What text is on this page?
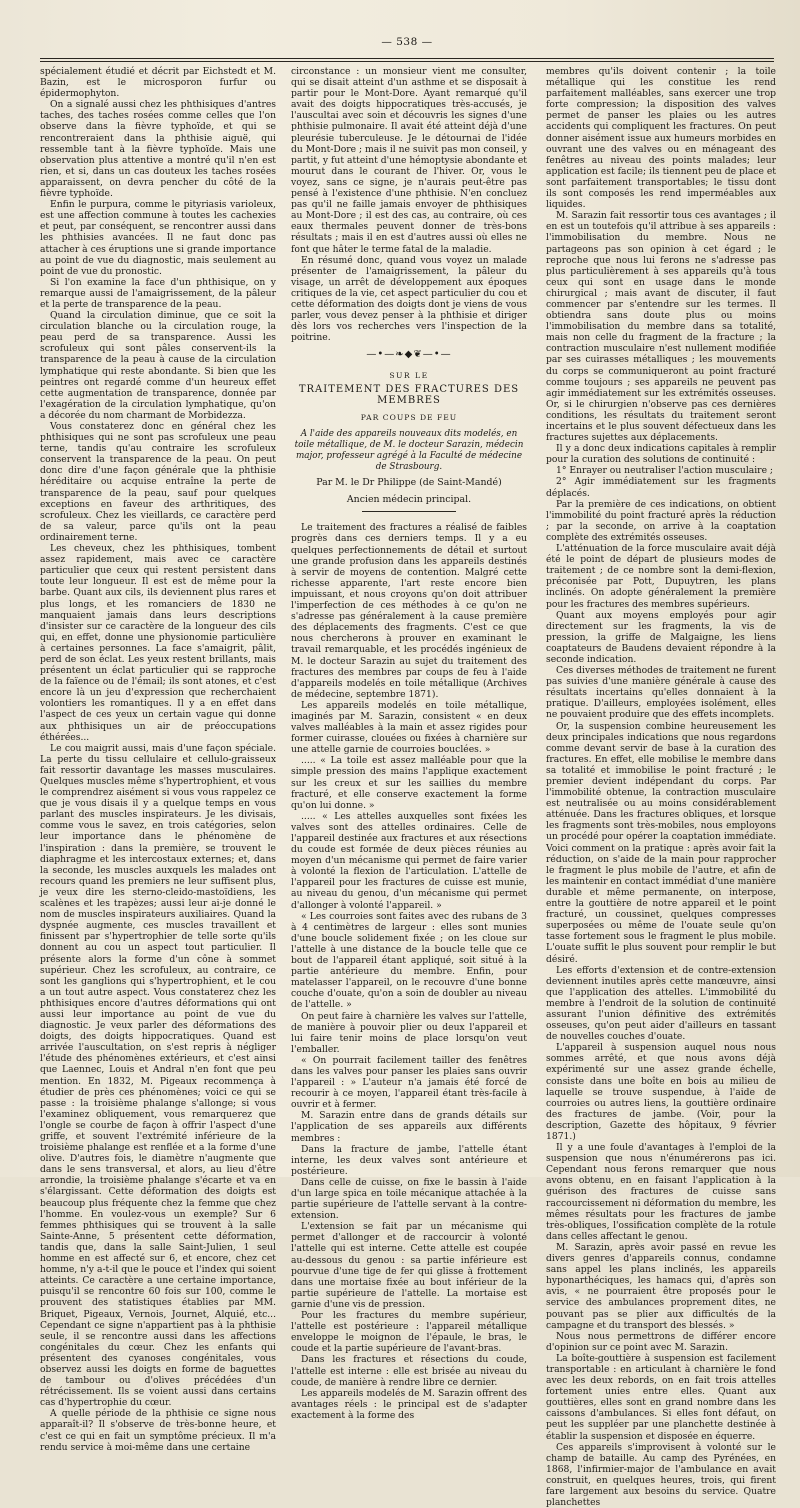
— 538 —

spécialement étudié et décrit par Eichstedt et M. Bazin, est le microsporon furfur ou épidermophyton.

On a signalé aussi chez les phthisiques d'antres taches, des taches rosées comme celles que l'on observe dans la fièvre typhoïde, et qui se rencontreraient dans la phthisie aiguë, qui ressemble tant à la fièvre typhoïde. Mais une observation plus attentive a montré qu'il n'en est rien, et si, dans un cas douteux les taches rosées apparaissent, on devra pencher du côté de la fièvre typhoïde.

Enfin le purpura, comme le pityriasis varioleux, est une affection commune à toutes les cachexies et peut, par conséquent, se rencontrer aussi dans les phthisies avancées. Il ne faut donc pas attacher à ces éruptions une si grande importance au point de vue du diagnostic, mais seulement au point de vue du pronostic.

Si l'on examine la face d'un phthisique, on y remarque aussi de l'amaigrissement, de la pâleur et la perte de transparence de la peau.

Quand la circulation diminue, que ce soit la circulation blanche ou la circulation rouge, la peau perd de sa transparence. Aussi les scrofuleux qui sont pâles conservent-ils la transparence de la peau à cause de la circulation lymphatique qui reste abondante. Si bien que les peintres ont regardé comme d'un heureux effet cette augmentation de transparence, donnée par l'exagération de la circulation lymphatique, qu'on a décorée du nom charmant de Morbidezza.

Vous constaterez donc en général chez les phthisiques qui ne sont pas scrofuleux une peau terne, tandis qu'au contraire les scrofuleux conservent la transparence de la peau. On peut donc dire d'une façon générale que la phthisie héréditaire ou acquise entraîne la perte de transparence de la peau, sauf pour quelques exceptions en faveur des arthritiques, des scrofuleux. Chez les vieillards, ce caractère perd de sa valeur, parce qu'ils ont la peau ordinairement terne.

Les cheveux, chez les phthisiques, tombent assez rapidement, mais avec ce caractère particulier que ceux qui restent persistent dans toute leur longueur. Il est est de même pour la barbe. Quant aux cils, ils deviennent plus rares et plus longs, et les romanciers de 1830 ne manquaient jamais dans leurs descriptions d'insister sur ce caractère de la longueur des cils qui, en effet, donne une physionomie particulière à certaines personnes. La face s'amaigrit, pâlit, perd de son éclat. Les yeux restent brillants, mais présentent un éclat particulier qui se rapproche de la faïence ou de l'émail; ils sont atones, et c'est encore là un jeu d'expression que recherchaient volontiers les romantiques. Il y a en effet dans l'aspect de ces yeux un certain vague qui donne aux phthisiques un air de préoccupations éthérées...

Le cou maigrit aussi, mais d'une façon spéciale. La perte du tissu cellulaire et cellulo-graisseux fait ressortir davantage les masses musculaires. Quelques muscles même s'hypertrophient, et vous le comprendrez aisément si vous vous rappelez ce que je vous disais il y a quelque temps en vous parlant des muscles inspirateurs. Je les divisais, comme vous le savez, en trois catégories, selon leur importance dans le phénomène de l'inspiration : dans la première, se trouvent le diaphragme et les intercostaux externes; et, dans la seconde, les muscles auxquels les malades ont recours quand les premiers ne leur suffisent plus, je veux dire les sterno-cleido-mastoïdiens, les scalènes et les trapèzes; aussi leur ai-je donné le nom de muscles inspirateurs auxiliaires. Quand la dyspnée augmente, ces muscles travaillent et finissent par s'hypertrophier de telle sorte qu'ils donnent au cou un aspect tout particulier. Il présente alors la forme d'un cône à sommet supérieur. Chez les scrofuleux, au contraire, ce sont les ganglions qui s'hypertrophient, et le cou a un tout autre aspect. Vous constaterez chez les phthisiques encore d'autres déformations qui ont aussi leur importance au point de vue du diagnostic. Je veux parler des déformations des doigts, des doigts hippocratiques. Quand est arrivée l'auscultation, on s'est repris à négliger l'étude des phénomènes extérieurs, et c'est ainsi que Laennec, Louis et Andral n'en font que peu mention. En 1832, M. Pigeaux recommença à étudier de près ces phénomènes; voici ce qui se passe : la troisième phalange s'allonge; si vous l'examinez obliquement, vous remarquerez que l'ongle se courbe de façon à offrir l'aspect d'une griffe, et souvent l'extrémité inférieure de la troisième phalange est renflée et a la forme d'une olive. D'autres fois, le diamètre n'augmente que dans le sens transversal, et alors, au lieu d'être arrondie, la troisième phalange s'écarte et va en s'élargissant. Cette déformation des doigts est beaucoup plus fréquente chez la femme que chez l'homme. En voulez-vous un exemple? Sur 6 femmes phthisiques qui se trouvent à la salle Sainte-Anne, 5 présentent cette déformation, tandis que, dans la salle Saint-Julien, 1 seul homme en est affecté sur 6, et encore, chez cet homme, n'y a-t-il que le pouce et l'index qui soient atteints. Ce caractère a une certaine importance, puisqu'il se rencontre 60 fois sur 100, comme le prouvent des statistiques établies par MM. Briquet, Pigeaux, Vernois, Journet, Alquié, etc... Cependant ce signe n'appartient pas à la phthisie seule, il se rencontre aussi dans les affections congénitales du cœur. Chez les enfants qui présentent des cyanoses congénitales, vous observez aussi les doigts en forme de baguettes de tambour ou d'olives précédées d'un rétrécissement. Ils se voient aussi dans certains cas d'hypertrophie du cœur.

A quelle période de la phthisie ce signe nous apparaît-il? Il s'observe de très-bonne heure, et c'est ce qui en fait un symptôme précieux. Il m'a rendu service à moi-même dans une certaine

circonstance : un monsieur vient me consulter, qui se disait atteint d'un asthme et se disposait à partir pour le Mont-Dore. Ayant remarqué qu'il avait des doigts hippocratiques très-accusés, je l'auscultai avec soin et découvris les signes d'une phthisie pulmonaire. Il avait été atteint déjà d'une pleurésie tuberculeuse. Je le détournai de l'idée du Mont-Dore ; mais il ne suivit pas mon conseil, y partit, y fut atteint d'une hémoptysie abondante et mourut dans le courant de l'hiver. Or, vous le voyez, sans ce signe, je n'aurais peut-être pas pensé à l'existence d'une phthisie. N'en concluez pas qu'il ne faille jamais envoyer de phthisiques au Mont-Dore ; il est des cas, au contraire, où ces eaux thermales peuvent donner de très-bons résultats ; mais il en est d'autres aussi où elles ne font que hâter le terme fatal de la maladie.

En résumé donc, quand vous voyez un malade présenter de l'amaigrissement, la pâleur du visage, un arrêt de développement aux époques critiques de la vie, cet aspect particulier du cou et cette déformation des doigts dont je viens de vous parler, vous devez penser à la phthisie et diriger dès lors vos recherches vers l'inspection de la poitrine.

—•—❧◆❦—•—
SUR LE
TRAITEMENT DES FRACTURES DES MEMBRES
PAR COUPS DE FEU

A l'aide des appareils nouveaux dits modelés, en toile métallique, de M. le docteur Sarazin, médecin major, professeur agrégé à la Faculté de médecine de Strasbourg.

Par M. le Dr Philippe (de Saint-Mandé)
Ancien médecin principal.

Le traitement des fractures a réalisé de faibles progrès dans ces derniers temps. Il y a eu quelques perfectionnements de détail et surtout une grande profusion dans les appareils destinés à servir de moyens de contention. Malgré cette richesse apparente, l'art reste encore bien impuissant, et nous croyons qu'on doit attribuer l'imperfection de ces méthodes à ce qu'on ne s'adresse pas généralement à la cause première des déplacements des fragments. C'est ce que nous chercherons à prouver en examinant le travail remarquable, et les procédés ingénieux de M. le docteur Sarazin au sujet du traitement des fractures des membres par coups de feu à l'aide d'appareils modelés en toile métallique (Archives de médecine, septembre 1871).

Les appareils modelés en toile métallique, imaginés par M. Sarazin, consistent « en deux valves malléables à la main et assez rigides pour former cuirasse, clouées ou fixées à charnière sur une attelle garnie de courroies bouclées. »

..... « La toile est assez malléable pour que la simple pression des mains l'applique exactement sur les creux et sur les saillies du membre fracturé, et elle conserve exactement la forme qu'on lui donne. »

..... « Les attelles auxquelles sont fixées les valves sont des attelles ordinaires. Celle de l'appareil destinée aux fractures et aux résections du coude est formée de deux pièces réunies au moyen d'un mécanisme qui permet de faire varier à volonté la flexion de l'articulation. L'attelle de l'appareil pour les fractures de cuisse est munie, au niveau du genou, d'un mécanisme qui permet d'allonger à volonté l'appareil. »

« Les courroies sont faites avec des rubans de 3 à 4 centimètres de largeur : elles sont munies d'une boucle solidement fixée ; on les cloue sur l'attelle à une distance de la boucle telle que ce bout de l'appareil étant appliqué, soit situé à la partie antérieure du membre. Enfin, pour matelasser l'appareil, on le recouvre d'une bonne couche d'ouate, qu'on a soin de doubler au niveau de l'attelle. »

On peut faire à charnière les valves sur l'attelle, de manière à pouvoir plier ou deux l'appareil et lui faire tenir moins de place lorsqu'on veut l'emballer.

« On pourrait facilement tailler des fenêtres dans les valves pour panser les plaies sans ouvrir l'appareil : » L'auteur n'a jamais été forcé de recourir à ce moyen, l'appareil étant très-facile à ouvrir et à fermer.

M. Sarazin entre dans de grands détails sur l'application de ses appareils aux différents membres :

Dans la fracture de jambe, l'attelle étant interne, les deux valves sont antérieure et postérieure.

Dans celle de cuisse, on fixe le bassin à l'aide d'un large spica en toile mécanique attachée à la partie supérieure de l'attelle servant à la contre-extension.

L'extension se fait par un mécanisme qui permet d'allonger et de raccourcir à volonté l'attelle qui est interne. Cette attelle est coupée au-dessous du genou : sa partie inférieure est pourvue d'une tige de fer qui glisse à frottement dans une mortaise fixée au bout inférieur de la partie supérieure de l'attelle. La mortaise est garnie d'une vis de pression.

Pour les fractures du membre supérieur, l'attelle est postérieure : l'appareil métallique enveloppe le moignon de l'épaule, le bras, le coude et la partie supérieure de l'avant-bras.

Dans les fractures et résections du coude, l'attelle est interne : elle est brisée au niveau du coude, de manière à rendre libre ce dernier.

Les appareils modelés de M. Sarazin offrent des avantages réels : le principal est de s'adapter exactement à la forme des

membres qu'ils doivent contenir ; la toile métallique qui les constitue les rend parfaitement malléables, sans exercer une trop forte compression; la disposition des valves permet de panser les plaies ou les autres accidents qui compliquent les fractures. On peut donner aisément issue aux humeurs morbides en ouvrant une des valves ou en ménageant des fenêtres au niveau des points malades; leur application est facile; ils tiennent peu de place et sont parfaitement transportables; le tissu dont ils sont composés les rend imperméables aux liquides.

M. Sarazin fait ressortir tous ces avantages ; il en est un toutefois qu'il attribue à ses appareils : l'immobilisation du membre. Nous ne partageons pas son opinion à cet égard ; le reproche que nous lui ferons ne s'adresse pas plus particulièrement à ses appareils qu'à tous ceux qui sont en usage dans le monde chirurgical ; mais avant de discuter, il faut commencer par s'entendre sur les termes. Il obtiendra sans doute plus ou moins l'immobilisation du membre dans sa totalité, mais non celle du fragment de la fracture ; la contraction musculaire n'est nullement modifiée par ses cuirasses métalliques ; les mouvements du corps se communiqueront au point fracturé comme toujours ; ses appareils ne peuvent pas agir immédiatement sur les extrémités osseuses. Or, si le chirurgien n'observe pas ces dernières conditions, les résultats du traitement seront incertains et le plus souvent défectueux dans les fractures sujettes aux déplacements.

Il y a donc deux indications capitales à remplir pour la curation des solutions de continuité :

1° Enrayer ou neutraliser l'action musculaire ;

2° Agir immédiatement sur les fragments déplacés.

Par la première de ces indications, on obtient l'immobilité du point fracturé après la réduction ; par la seconde, on arrive à la coaptation complète des extrémités osseuses.

L'atténuation de la force musculaire avait déjà été le point de départ de plusieurs modes de traitement ; de ce nombre sont la demi-flexion, préconisée par Pott, Dupuytren, les plans inclinés. On adopte généralement la première pour les fractures des membres supérieurs.

Quant aux moyens employés pour agir directement sur les fragments, la vis de pression, la griffe de Malgaigne, les liens coaptateurs de Baudens devaient répondre à la seconde indication.

Ces diverses méthodes de traitement ne furent pas suivies d'une manière générale à cause des résultats incertains qu'elles donnaient à la pratique. D'ailleurs, employées isolément, elles ne pouvaient produire que des effets incomplets.

Or, la suspension combine heureusement les deux principales indications que nous regardons comme devant servir de base à la curation des fractures. En effet, elle mobilise le membre dans sa totalité et immobilise le point fracturé ; le premier devient indépendant du corps. Par l'immobilité obtenue, la contraction musculaire est neutralisée ou au moins considérablement atténuée. Dans les fractures obliques, et lorsque les fragments sont très-mobiles, nous employons un procédé pour opérer la coaptation immédiate. Voici comment on la pratique : après avoir fait la réduction, on s'aide de la main pour rapprocher le fragment le plus mobile de l'autre, et afin de les maintenir en contact immédiat d'une manière durable et même permanente, on interpose, entre la gouttière de notre appareil et le point fracturé, un coussinet, quelques compresses superposées ou même de l'ouate seule qu'on tasse fortement sous le fragment le plus mobile. L'ouate suffit le plus souvent pour remplir le but désiré.

Les efforts d'extension et de contre-extension deviennent inutiles après cette manœuvre, ainsi que l'application des attelles. L'immobilité du membre à l'endroit de la solution de continuité assurant l'union définitive des extrémités osseuses, qu'on peut aider d'ailleurs en tassant de nouvelles couches d'ouate.

L'appareil à suspension auquel nous nous sommes arrêté, et que nous avons déjà expérimenté sur une assez grande échelle, consiste dans une boîte en bois au milieu de laquelle se trouve suspendue, à l'aide de courroies ou autres liens, la gouttière ordinaire des fractures de jambe. (Voir, pour la description, Gazette des hôpitaux, 9 février 1871.)

Il y a une foule d'avantages à l'emploi de la suspension que nous n'énumérerons pas ici. Cependant nous ferons remarquer que nous avons obtenu, en en faisant l'application à la guérison des fractures de cuisse sans raccourcissement ni déformation du membre, les mêmes résultats pour les fractures de jambe très-obliques, l'ossification complète de la rotule dans celles affectant le genou.

M. Sarazin, après avoir passé en revue les divers genres d'appareils connus, condamne sans appel les plans inclinés, les appareils hyponarthéciques, les hamacs qui, d'après son avis, « ne pourraient être proposés pour le service des ambulances proprement dites, ne pouvant pas se plier aux difficultés de la campagne et du transport des blessés. »

Nous nous permettrons de différer encore d'opinion sur ce point avec M. Sarazin.

La boîte-gouttière à suspension est facilement transportable : en articulant à charnière le fond avec les deux rebords, on en fait trois attelles fortement unies entre elles. Quant aux gouttières, elles sont en grand nombre dans les caissons d'ambulances. Si elles font défaut, on peut les suppléer par une planchette destinée à établir la suspension et disposée en équerre.

Ces appareils s'improvisent à volonté sur le champ de bataille. Au camp des Pyrénées, en 1868, l'infirmier-major de l'ambulance en avait construit, en quelques heures, trois, qui firent fare largement aux besoins du service. Quatre planchettes
